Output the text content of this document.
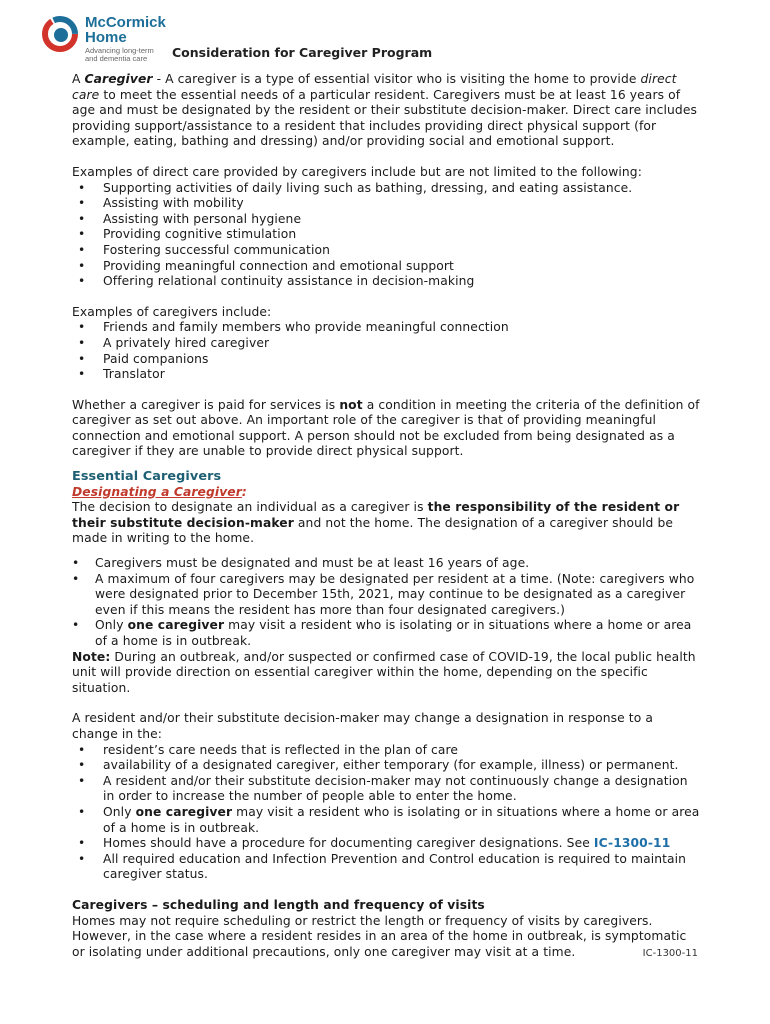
McCormick
Home
Advancing long-term and dementia care	Consideration for Caregiver Program

A Caregiver - A caregiver is a type of essential visitor who is visiting the home to provide direct care to meet the essential needs of a particular resident. Caregivers must be at least 16 years of age and must be designated by the resident or their substitute decision-maker. Direct care includes providing support/assistance to a resident that includes providing direct physical support (for example, eating, bathing and dressing) and/or providing social and emotional support.

Examples of direct care provided by caregivers include but are not limited to the following:

• Supporting activities of daily living such as bathing, dressing, and eating assistance.
• Assisting with mobility
• Assisting with personal hygiene
• Providing cognitive stimulation
• Fostering successful communication
• Providing meaningful connection and emotional support
• Offering relational continuity assistance in decision-making

Examples of caregivers include:

• Friends and family members who provide meaningful connection
• A privately hired caregiver
• Paid companions
• Translator

Whether a caregiver is paid for services is not a condition in meeting the criteria of the definition of caregiver as set out above. An important role of the caregiver is that of providing meaningful connection and emotional support. A person should not be excluded from being designated as a caregiver if they are unable to provide direct physical support.

Essential Caregivers

Designating a Caregiver:

The decision to designate an individual as a caregiver is the responsibility of the resident or their substitute decision-maker and not the home. The designation of a caregiver should be made in writing to the home.

• Caregivers must be designated and must be at least 16 years of age.
• A maximum of four caregivers may be designated per resident at a time. (Note: caregivers who were designated prior to December 15th, 2021, may continue to be designated as a caregiver even if this means the resident has more than four designated caregivers.)
• Only one caregiver may visit a resident who is isolating or in situations where a home or area of a home is in outbreak.

Note: During an outbreak, and/or suspected or confirmed case of COVID-19, the local public health unit will provide direction on essential caregiver within the home, depending on the specific situation.

A resident and/or their substitute decision-maker may change a designation in response to a change in the:

• resident’s care needs that is reflected in the plan of care
• availability of a designated caregiver, either temporary (for example, illness) or permanent.
• A resident and/or their substitute decision-maker may not continuously change a designation in order to increase the number of people able to enter the home.
• Only one caregiver may visit a resident who is isolating or in situations where a home or area of a home is in outbreak.
• Homes should have a procedure for documenting caregiver designations. See IC-1300-11
• All required education and Infection Prevention and Control education is required to maintain caregiver status.

Caregivers – scheduling and length and frequency of visits

Homes may not require scheduling or restrict the length or frequency of visits by caregivers. However, in the case where a resident resides in an area of the home in outbreak, is symptomatic or isolating under additional precautions, only one caregiver may visit at a time.	IC-1300-11
